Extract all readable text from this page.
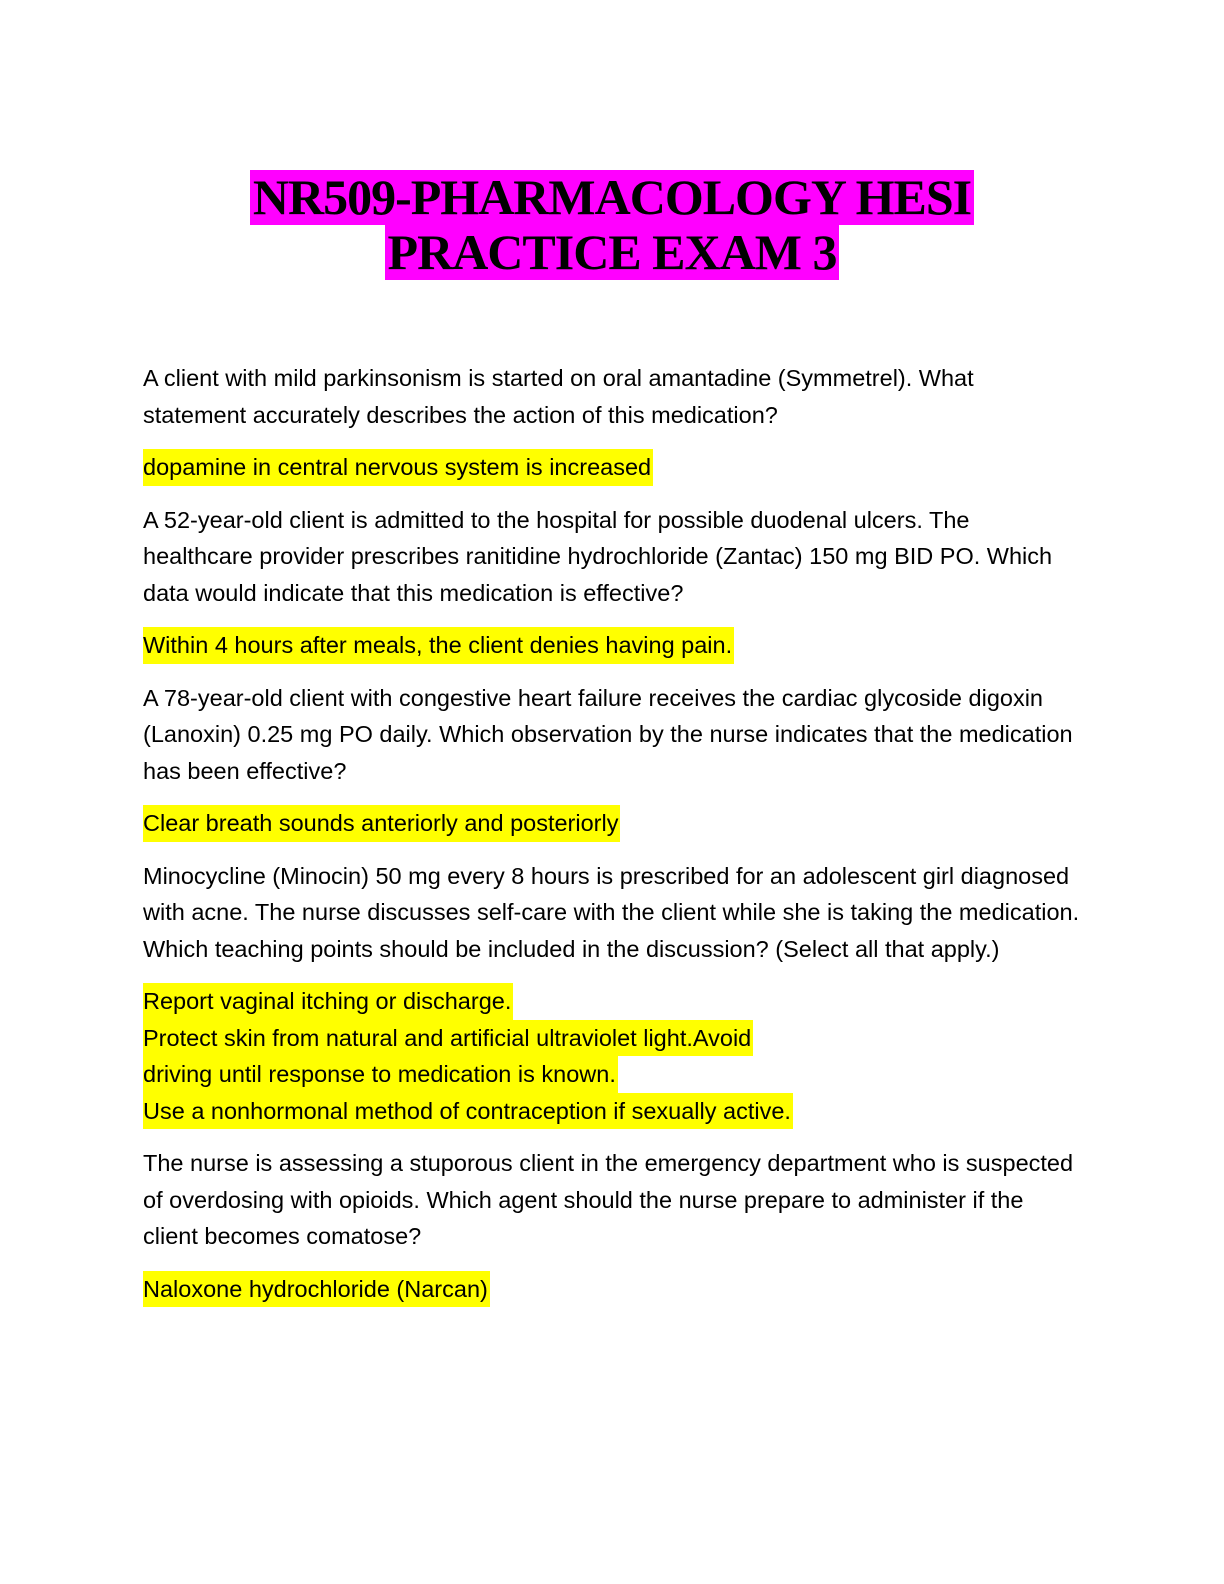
NR509-PHARMACOLOGY HESI
PRACTICE EXAM 3

A client with mild parkinsonism is started on oral amantadine (Symmetrel). What statement accurately describes the action of this medication?

dopamine in central nervous system is increased

A 52-year-old client is admitted to the hospital for possible duodenal ulcers. The healthcare provider prescribes ranitidine hydrochloride (Zantac) 150 mg BID PO. Which data would indicate that this medication is effective?

Within 4 hours after meals, the client denies having pain.

A 78-year-old client with congestive heart failure receives the cardiac glycoside digoxin (Lanoxin) 0.25 mg PO daily. Which observation by the nurse indicates that the medication has been effective?

Clear breath sounds anteriorly and posteriorly

Minocycline (Minocin) 50 mg every 8 hours is prescribed for an adolescent girl diagnosed with acne. The nurse discusses self-care with the client while she is taking the medication. Which teaching points should be included in the discussion? (Select all that apply.)

Report vaginal itching or discharge.
Protect skin from natural and artificial ultraviolet light.Avoid
driving until response to medication is known.
Use a nonhormonal method of contraception if sexually active.

The nurse is assessing a stuporous client in the emergency department who is suspected of overdosing with opioids. Which agent should the nurse prepare to administer if the client becomes comatose?

Naloxone hydrochloride (Narcan)
